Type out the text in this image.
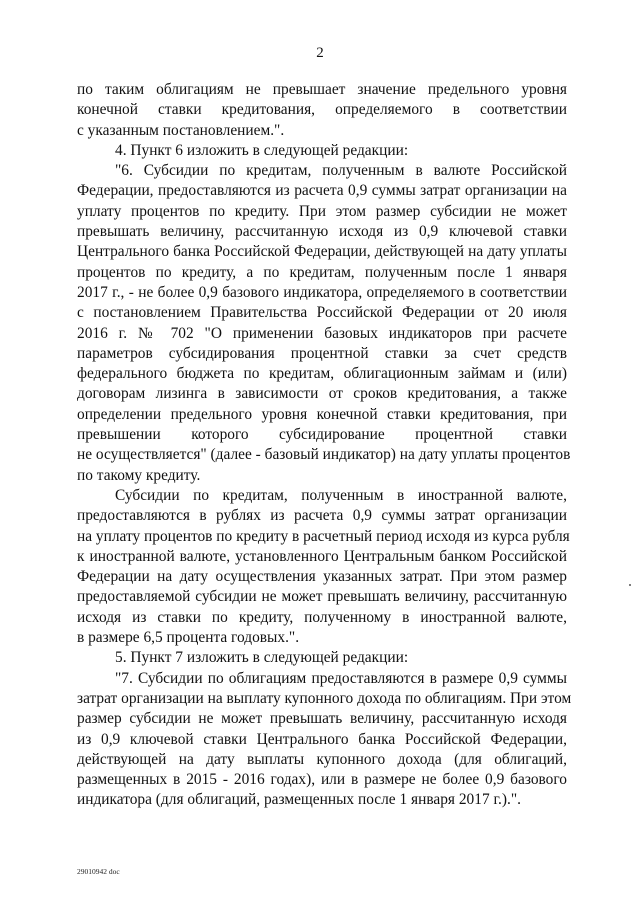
2
по таким облигациям не превышает значение предельного уровня
конечной ставки кредитования, определяемого в соответствии
с указанным постановлением.".
4. Пункт 6 изложить в следующей редакции:
"6. Субсидии по кредитам, полученным в валюте Российской
Федерации, предоставляются из расчета 0,9 суммы затрат организации на
уплату процентов по кредиту. При этом размер субсидии не может
превышать величину, рассчитанную исходя из 0,9 ключевой ставки
Центрального банка Российской Федерации, действующей на дату уплаты
процентов по кредиту, а по кредитам, полученным после 1 января
2017 г., - не более 0,9 базового индикатора, определяемого в соответствии
с постановлением Правительства Российской Федерации от 20 июля
2016 г. № 702 "О применении базовых индикаторов при расчете
параметров субсидирования процентной ставки за счет средств
федерального бюджета по кредитам, облигационным займам и (или)
договорам лизинга в зависимости от сроков кредитования, а также
определении предельного уровня конечной ставки кредитования, при
превышении которого субсидирование процентной ставки
не осуществляется" (далее - базовый индикатор) на дату уплаты процентов
по такому кредиту.
Субсидии по кредитам, полученным в иностранной валюте,
предоставляются в рублях из расчета 0,9 суммы затрат организации
на уплату процентов по кредиту в расчетный период исходя из курса рубля
к иностранной валюте, установленного Центральным банком Российской
Федерации на дату осуществления указанных затрат. При этом размер
предоставляемой субсидии не может превышать величину, рассчитанную
исходя из ставки по кредиту, полученному в иностранной валюте,
в размере 6,5 процента годовых.".
5. Пункт 7 изложить в следующей редакции:
"7. Субсидии по облигациям предоставляются в размере 0,9 суммы
затрат организации на выплату купонного дохода по облигациям. При этом
размер субсидии не может превышать величину, рассчитанную исходя
из 0,9 ключевой ставки Центрального банка Российской Федерации,
действующей на дату выплаты купонного дохода (для облигаций,
размещенных в 2015 - 2016 годах), или в размере не более 0,9 базового
индикатора (для облигаций, размещенных после 1 января 2017 г.).".
29010942 doc
